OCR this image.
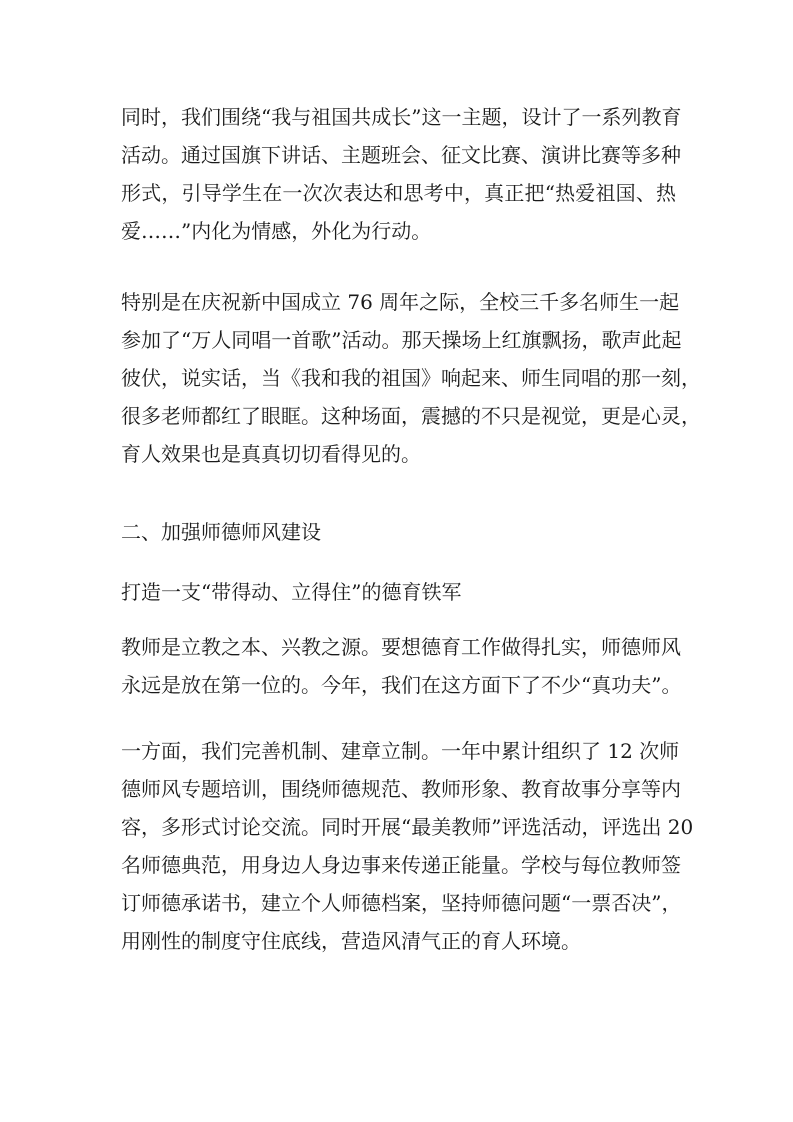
同时，我们围绕“我与祖国共成长”这一主题，设计了一系列教育
活动。通过国旗下讲话、主题班会、征文比赛、演讲比赛等多种
形式，引导学生在一次次表达和思考中，真正把“热爱祖国、热
爱……”内化为情感，外化为行动。
特别是在庆祝新中国成立 76 周年之际，全校三千多名师生一起
参加了“万人同唱一首歌”活动。那天操场上红旗飘扬，歌声此起
彼伏，说实话，当《我和我的祖国》响起来、师生同唱的那一刻，
很多老师都红了眼眶。这种场面，震撼的不只是视觉，更是心灵，
育人效果也是真真切切看得见的。
二、加强师德师风建设
打造一支“带得动、立得住”的德育铁军
教师是立教之本、兴教之源。要想德育工作做得扎实，师德师风
永远是放在第一位的。今年，我们在这方面下了不少“真功夫”。
一方面，我们完善机制、建章立制。一年中累计组织了 12 次师
德师风专题培训，围绕师德规范、教师形象、教育故事分享等内
容，多形式讨论交流。同时开展“最美教师”评选活动，评选出 20
名师德典范，用身边人身边事来传递正能量。学校与每位教师签
订师德承诺书，建立个人师德档案，坚持师德问题“一票否决”，
用刚性的制度守住底线，营造风清气正的育人环境。
